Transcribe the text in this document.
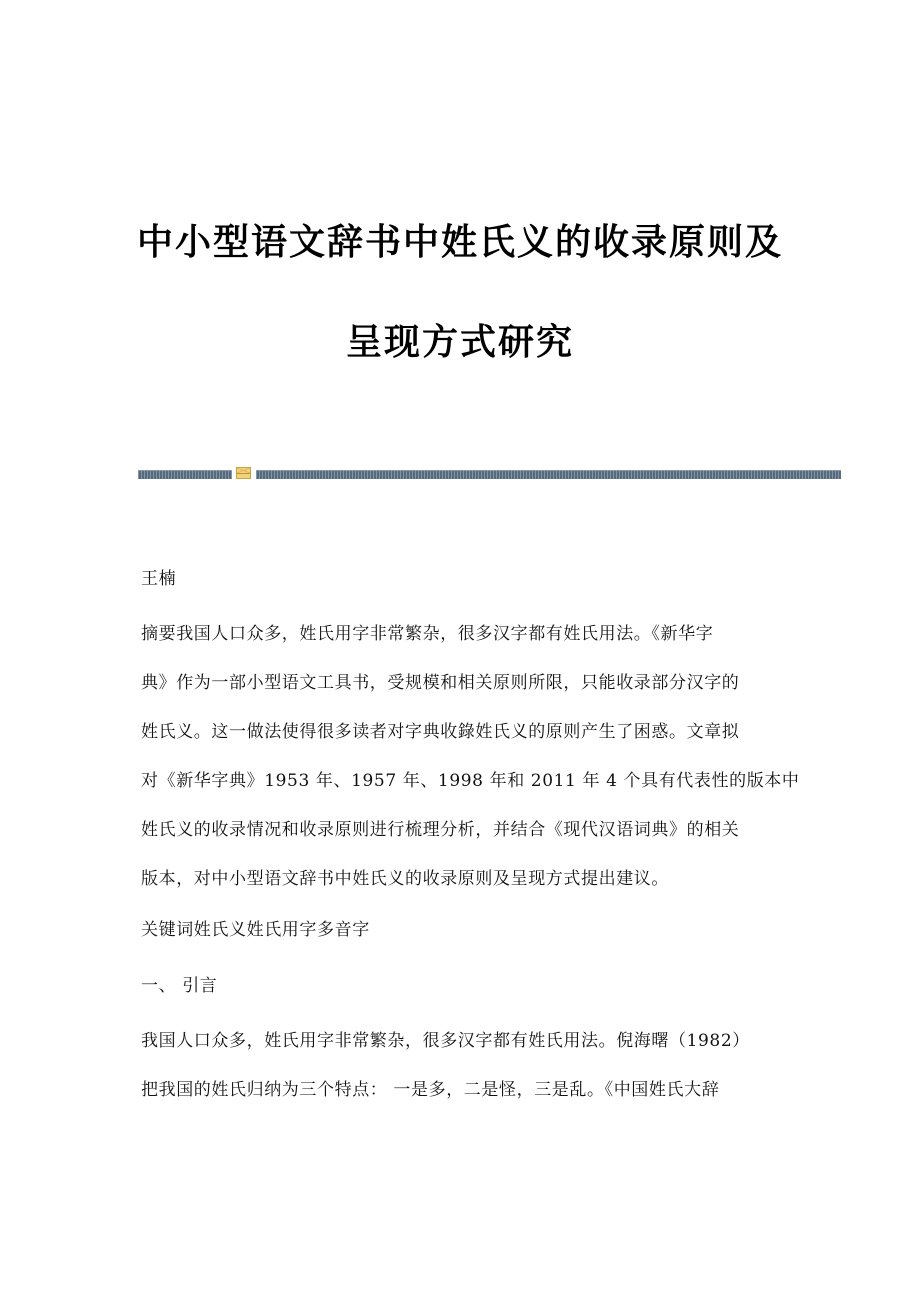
中小型语文辞书中姓氏义的收录原则及
呈现方式研究
王楠
摘要我国人口众多，姓氏用字非常繁杂，很多汉字都有姓氏用法。《新华字
典》作为一部小型语文工具书，受规模和相关原则所限，只能收录部分汉字的
姓氏义。这一做法使得很多读者对字典收錄姓氏义的原则产生了困惑。文章拟
对《新华字典》1953 年、1957 年、1998 年和 2011 年 4 个具有代表性的版本中
姓氏义的收录情况和收录原则进行梳理分析，并结合《现代汉语词典》的相关
版本，对中小型语文辞书中姓氏义的收录原则及呈现方式提出建议。
关键词姓氏义姓氏用字多音字
一、 引言
我国人口众多，姓氏用字非常繁杂，很多汉字都有姓氏用法。倪海曙（1982）
把我国的姓氏归纳为三个特点： 一是多，二是怪，三是乱。《中国姓氏大辞
